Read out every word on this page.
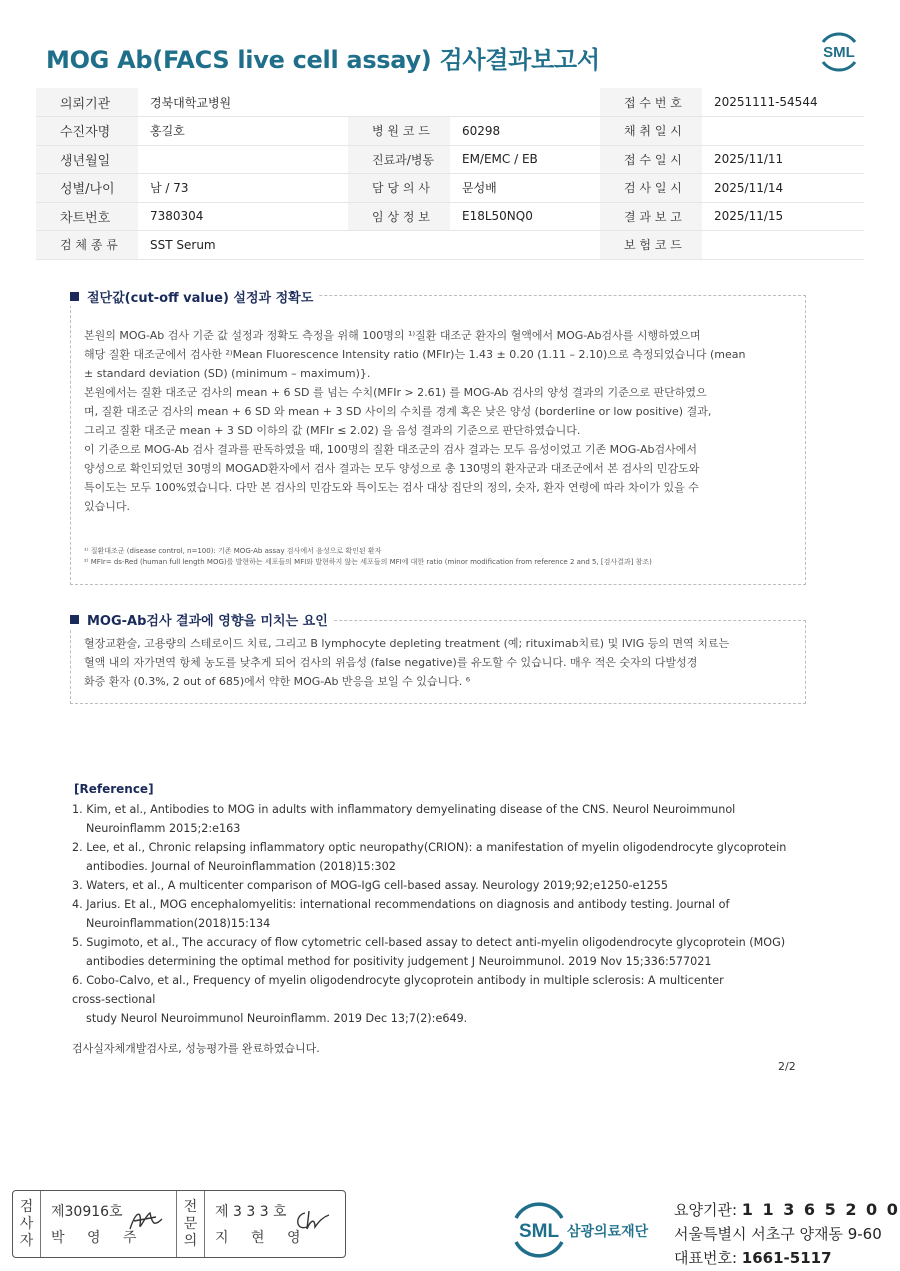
MOG Ab(FACS live cell assay) 검사결과보고서	SML
의뢰기관	경북대학교병원			접 수 번 호	20251111-54544
수진자명	홍길호	병 원 코 드	60298	채 취 일 시	
생년월일		진료과/병동	EM/EMC / EB	접 수 일 시	2025/11/11
성별/나이	남 / 73	담 당 의 사	문성배	검 사 일 시	2025/11/14
차트번호	7380304	임 상 정 보	E18L50NQ0	결 과 보 고	2025/11/15
검 체 종 류	SST Serum			보 험 코 드	
절단값(cut-off value) 설정과 정확도
본원의 MOG-Ab 검사 기준 값 설정과 정확도 측정을 위해 100명의 ¹⁾질환 대조군 환자의 혈액에서 MOG-Ab검사를 시행하였으며
해당 질환 대조군에서 검사한 ²⁾Mean Fluorescence Intensity ratio (MFIr)는 1.43 ± 0.20 (1.11 – 2.10)으로 측정되었습니다 (mean
± standard deviation (SD) (minimum – maximum)}.
본원에서는 질환 대조군 검사의 mean + 6 SD 를 넘는 수치(MFIr > 2.61) 를 MOG-Ab 검사의 양성 결과의 기준으로 판단하였으
며, 질환 대조군 검사의 mean + 6 SD 와 mean + 3 SD 사이의 수치를 경계 혹은 낮은 양성 (borderline or low positive) 결과,
그리고 질환 대조군 mean + 3 SD 이하의 값 (MFIr ≤ 2.02) 을 음성 결과의 기준으로 판단하였습니다.
이 기준으로 MOG-Ab 검사 결과를 판독하였을 때, 100명의 질환 대조군의 검사 결과는 모두 음성이었고 기존 MOG-Ab검사에서
양성으로 확인되었던 30명의 MOGAD환자에서 검사 결과는 모두 양성으로 총 130명의 환자군과 대조군에서 본 검사의 민감도와
특이도는 모두 100%였습니다. 다만 본 검사의 민감도와 특이도는 검사 대상 집단의 정의, 숫자, 환자 연령에 따라 차이가 있을 수
있습니다.
¹⁾ 질환대조군 (disease control, n=100): 기존 MOG-Ab assay 검사에서 음성으로 확인된 환자
²⁾ MFIr= ds-Red (human full length MOG)를 발현하는 세포들의 MFI와 발현하지 않는 세포들의 MFI에 대한 ratio (minor modification from reference 2 and 5, [검사결과] 참조)
MOG-Ab검사 결과에 영향을 미치는 요인
혈장교환술, 고용량의 스테로이드 치료, 그리고 B lymphocyte depleting treatment (예; rituximab치료) 및 IVIG 등의 면역 치료는
혈액 내의 자가면역 항체 농도를 낮추게 되어 검사의 위음성 (false negative)를 유도할 수 있습니다. 매우 적은 숫자의 다발성경
화증 환자 (0.3%, 2 out of 685)에서 약한 MOG-Ab 반응을 보일 수 있습니다. ⁶
[Reference]
1. Kim, et al., Antibodies to MOG in adults with inflammatory demyelinating disease of the CNS. Neurol Neuroimmunol
Neuroinflamm 2015;2:e163
2. Lee, et al., Chronic relapsing inflammatory optic neuropathy(CRION): a manifestation of myelin oligodendrocyte glycoprotein
antibodies. Journal of Neuroinflammation (2018)15:302
3. Waters, et al., A multicenter comparison of MOG-IgG cell-based assay. Neurology 2019;92;e1250-e1255
4. Jarius. Et al., MOG encephalomyelitis: international recommendations on diagnosis and antibody testing. Journal of
Neuroinflammation(2018)15:134
5. Sugimoto, et al., The accuracy of flow cytometric cell-based assay to detect anti-myelin oligodendrocyte glycoprotein (MOG)
antibodies determining the optimal method for positivity judgement J Neuroimmunol. 2019 Nov 15;336:577021
6. Cobo-Calvo, et al., Frequency of myelin oligodendrocyte glycoprotein antibody in multiple sclerosis: A multicenter
cross-sectional
study Neurol Neuroimmunol Neuroinflamm. 2019 Dec 13;7(2):e649.
검사실자체개발검사로, 성능평가를 완료하였습니다.
2/2
검
사
자
제30916호
박 영 주
전
문
의
제 3 3 3 호
지 현 영	SML 삼광의료재단
요양기관: 1 1 3 6 5 2 0 0
서울특별시 서초구 양재동 9-60
대표번호: 1661-5117
